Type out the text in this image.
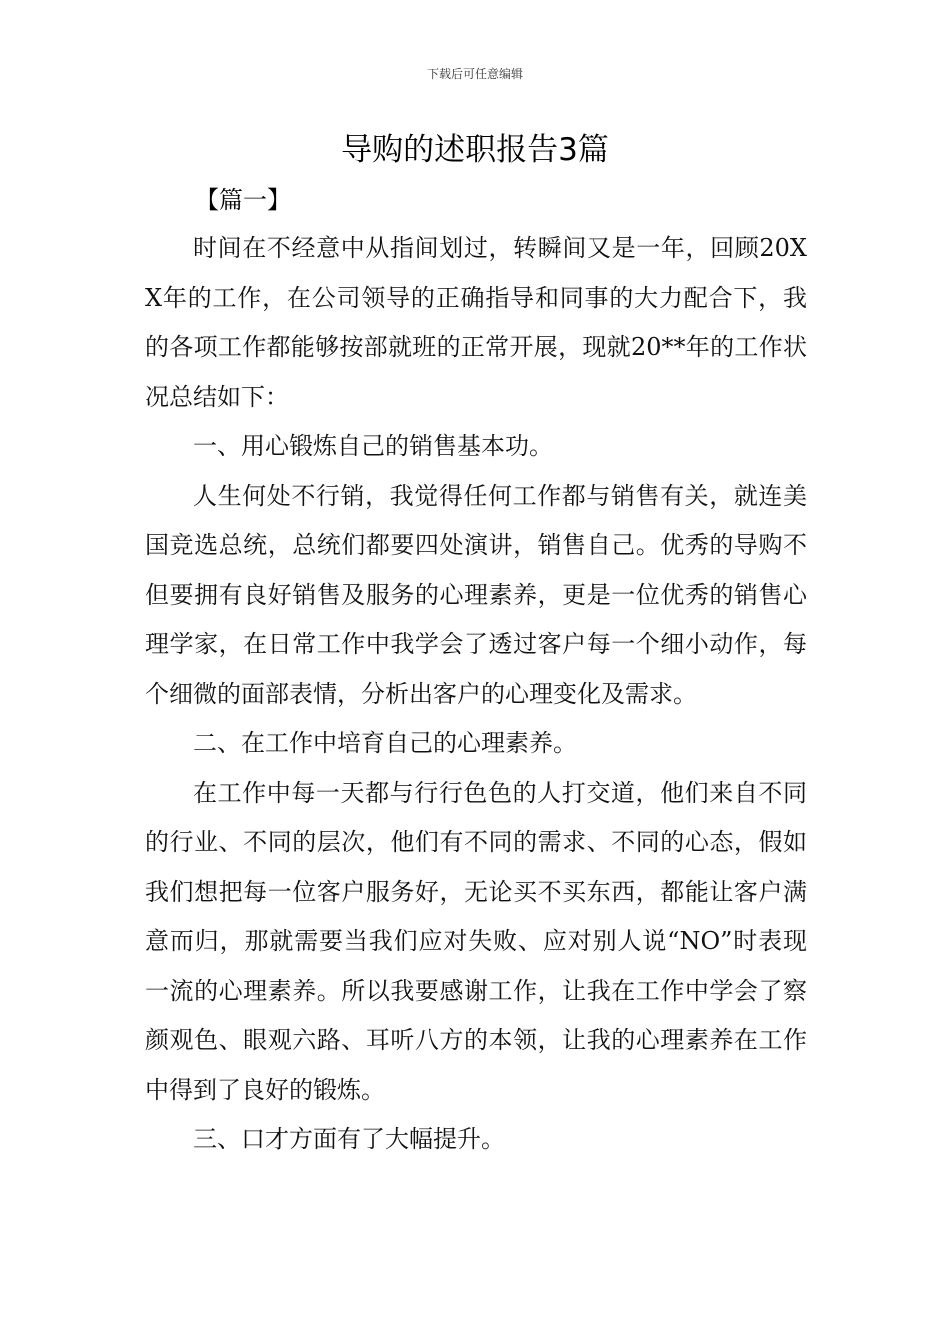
下载后可任意编辑
导购的述职报告3篇
【篇一】

时间在不经意中从指间划过，转瞬间又是一年，回顾20XX年的工作，在公司领导的正确指导和同事的大力配合下，我的各项工作都能够按部就班的正常开展，现就20**年的工作状况总结如下：

一、用心锻炼自己的销售基本功。

人生何处不行销，我觉得任何工作都与销售有关，就连美国竞选总统，总统们都要四处演讲，销售自己。优秀的导购不但要拥有良好销售及服务的心理素养，更是一位优秀的销售心理学家，在日常工作中我学会了透过客户每一个细小动作，每个细微的面部表情，分析出客户的心理变化及需求。

二、在工作中培育自己的心理素养。

在工作中每一天都与行行色色的人打交道，他们来自不同的行业、不同的层次，他们有不同的需求、不同的心态，假如我们想把每一位客户服务好，无论买不买东西，都能让客户满意而归，那就需要当我们应对失败、应对别人说“NO”时表现一流的心理素养。所以我要感谢工作，让我在工作中学会了察颜观色、眼观六路、耳听八方的本领，让我的心理素养在工作中得到了良好的锻炼。

三、口才方面有了大幅提升。
